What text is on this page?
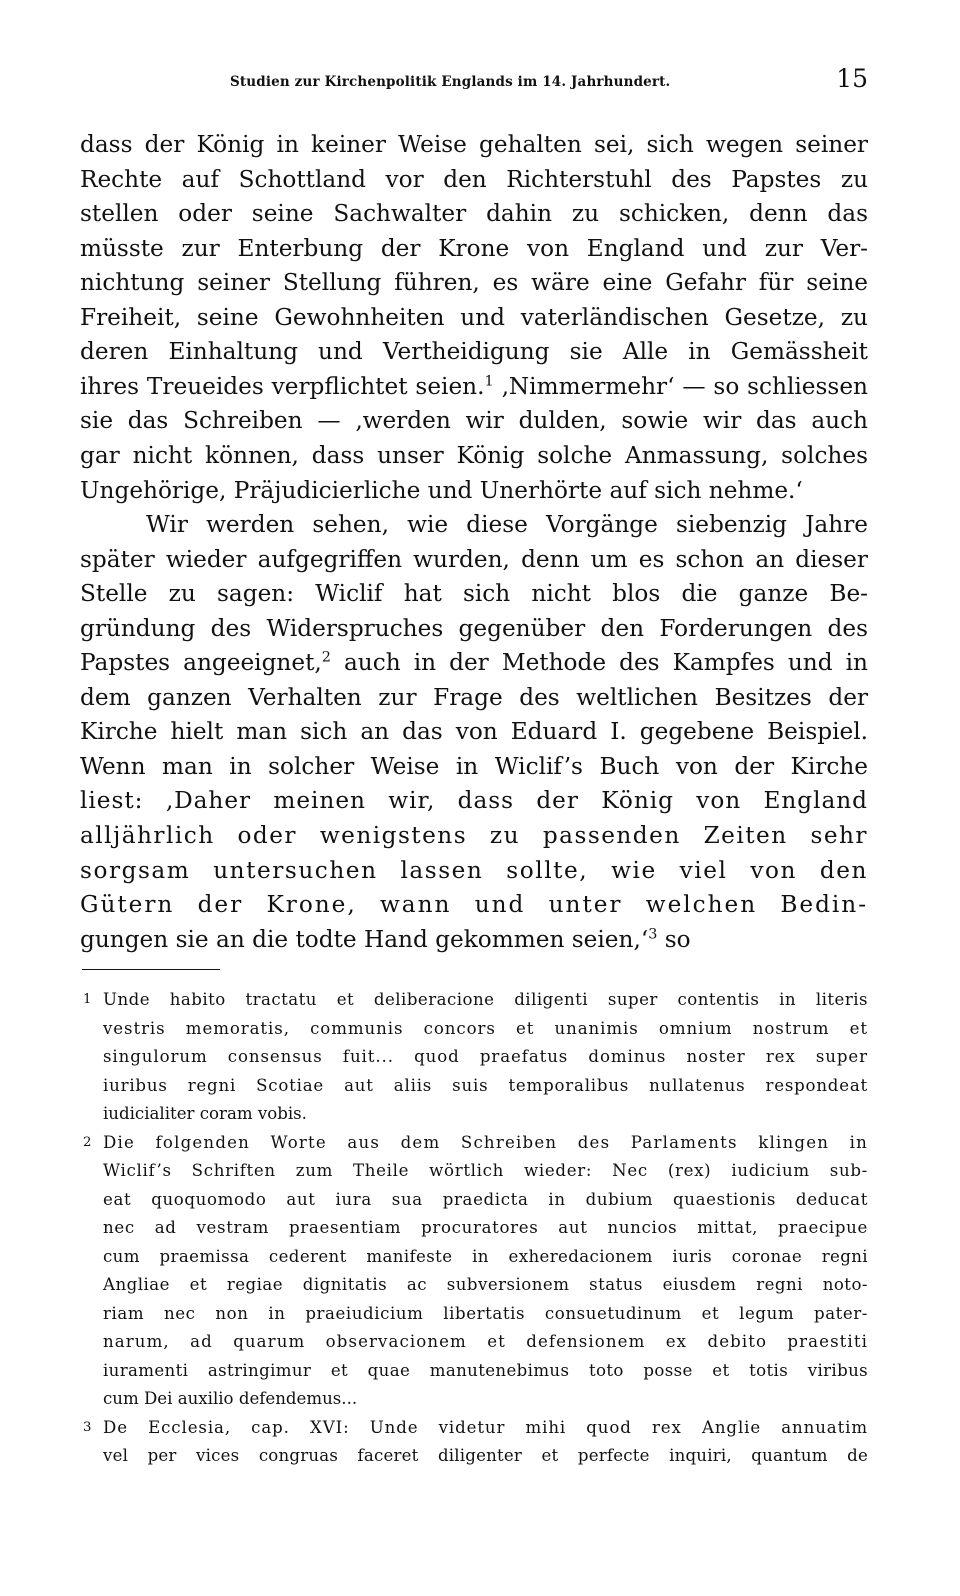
Studien zur Kirchenpolitik Englands im 14. Jahrhundert.	15
dass der König in keiner Weise gehalten sei, sich wegen seiner
Rechte auf Schottland vor den Richterstuhl des Papstes zu
stellen oder seine Sachwalter dahin zu schicken, denn das
müsste zur Enterbung der Krone von England und zur Ver-
nichtung seiner Stellung führen, es wäre eine Gefahr für seine
Freiheit, seine Gewohnheiten und vaterländischen Gesetze, zu
deren Einhaltung und Vertheidigung sie Alle in Gemässheit
ihres Treueides verpflichtet seien.$^1$ ‚Nimmermehr‘ — so schliessen
sie das Schreiben — ‚werden wir dulden, sowie wir das auch
gar nicht können, dass unser König solche Anmassung, solches
Ungehörige, Präjudicierliche und Unerhörte auf sich nehme.‘
Wir werden sehen, wie diese Vorgänge siebenzig Jahre
später wieder aufgegriffen wurden, denn um es schon an dieser
Stelle zu sagen: Wiclif hat sich nicht blos die ganze Be-
gründung des Widerspruches gegenüber den Forderungen des
Papstes angeeignet,$^2$ auch in der Methode des Kampfes und in
dem ganzen Verhalten zur Frage des weltlichen Besitzes der
Kirche hielt man sich an das von Eduard I. gegebene Beispiel.
Wenn man in solcher Weise in Wiclif’s Buch von der Kirche
liest: ‚Daher meinen wir, dass der König von England
alljährlich oder wenigstens zu passenden Zeiten sehr
sorgsam untersuchen lassen sollte, wie viel von den
Gütern der Krone, wann und unter welchen Bedin-
gungen sie an die todte Hand gekommen seien,‘$^3$ so
1 Unde habito tractatu et deliberacione diligenti super contentis in literis
vestris memoratis, communis concors et unanimis omnium nostrum et
singulorum consensus fuit... quod praefatus dominus noster rex super
iuribus regni Scotiae aut aliis suis temporalibus nullatenus respondeat
iudicialiter coram vobis.
2 Die folgenden Worte aus dem Schreiben des Parlaments klingen in
Wiclif’s Schriften zum Theile wörtlich wieder: Nec (rex) iudicium sub-
eat quoquomodo aut iura sua praedicta in dubium quaestionis deducat
nec ad vestram praesentiam procuratores aut nuncios mittat, praecipue
cum praemissa cederent manifeste in exheredacionem iuris coronae regni
Angliae et regiae dignitatis ac subversionem status eiusdem regni noto-
riam nec non in praeiudicium libertatis consuetudinum et legum pater-
narum, ad quarum observacionem et defensionem ex debito praestiti
iuramenti astringimur et quae manutenebimus toto posse et totis viribus
cum Dei auxilio defendemus...
3 De Ecclesia, cap. XVI: Unde videtur mihi quod rex Anglie annuatim
vel per vices congruas faceret diligenter et perfecte inquiri, quantum de
